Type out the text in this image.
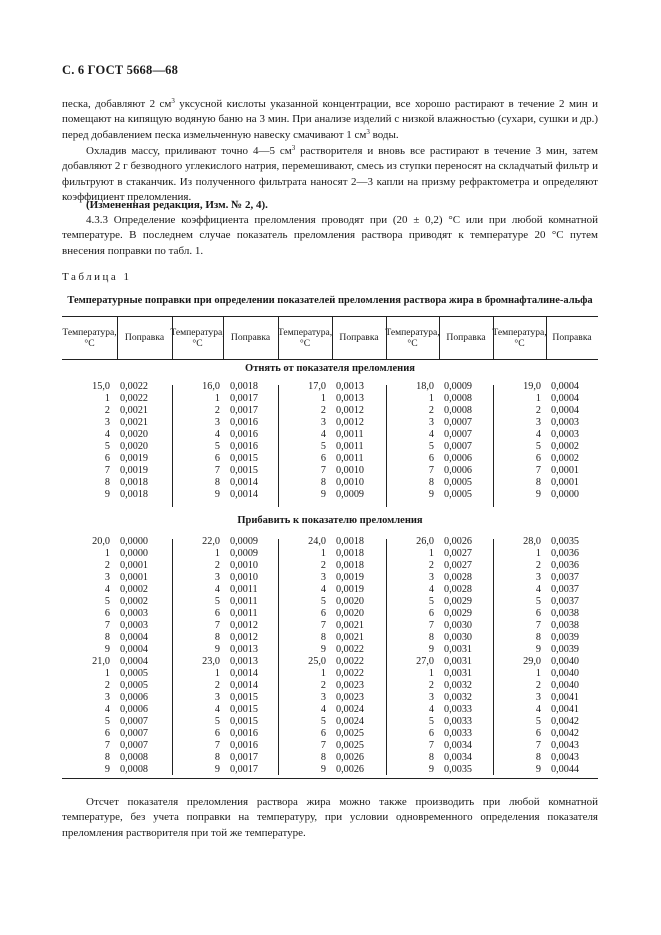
С. 6 ГОСТ 5668—68

песка, добавляют 2 $см^3$ уксусной кислоты указанной концентрации, все хорошо растирают в течение 2 мин и помещают на кипящую водяную баню на 3 мин. При анализе изделий с низкой влажностью (сухари, сушки и др.) перед добавлением песка измельченную навеску смачивают 1 $см^3$ воды.

Охладив массу, приливают точно 4—5 $см^3$ растворителя и вновь все растирают в течение 3 мин, затем добавляют 2 г безводного углекислого натрия, перемешивают, смесь из ступки переносят на складчатый фильтр и фильтруют в стаканчик. Из полученного фильтрата наносят 2—3 капли на призму рефрактометра и определяют коэффициент преломления.

(Измененная редакция, Изм. № 2, 4).

4.3.3 Определение коэффициента преломления проводят при (20 ± 0,2) °С или при любой комнатной температуре. В последнем случае показатель преломления раствора приводят к температуре 20 °С путем внесения поправки по табл. 1.

Таблица 1
Температурные поправки при определении показателей преломления раствора жира в бромнафталине-альфа
Температура, °С
Поправка
Температура, °С
Поправка
Температура, °С
Поправка
Температура, °С
Поправка
Температура, °С
Поправка
Отнять от показателя преломления
Прибавить к показателю преломления
15,0 0,0022
1 0,0022
2 0,0021
3 0,0021
4 0,0020
5 0,0020
6 0,0019
7 0,0019
8 0,0018
9 0,0018
16,0 0,0018
1 0,0017
2 0,0017
3 0,0016
4 0,0016
5 0,0016
6 0,0015
7 0,0015
8 0,0014
9 0,0014
17,0 0,0013
1 0,0013
2 0,0012
3 0,0012
4 0,0011
5 0,0011
6 0,0011
7 0,0010
8 0,0010
9 0,0009
18,0 0,0009
1 0,0008
2 0,0008
3 0,0007
4 0,0007
5 0,0007
6 0,0006
7 0,0006
8 0,0005
9 0,0005
19,0 0,0004
1 0,0004
2 0,0004
3 0,0003
4 0,0003
5 0,0002
6 0,0002
7 0,0001
8 0,0001
9 0,0000
20,0 0,0000
1 0,0000
2 0,0001
3 0,0001
4 0,0002
5 0,0002
6 0,0003
7 0,0003
8 0,0004
9 0,0004
21,0 0,0004
1 0,0005
2 0,0005
3 0,0006
4 0,0006
5 0,0007
6 0,0007
7 0,0007
8 0,0008
9 0,0008
22,0 0,0009
1 0,0009
2 0,0010
3 0,0010
4 0,0011
5 0,0011
6 0,0011
7 0,0012
8 0,0012
9 0,0013
23,0 0,0013
1 0,0014
2 0,0014
3 0,0015
4 0,0015
5 0,0015
6 0,0016
7 0,0016
8 0,0017
9 0,0017
24,0 0,0018
1 0,0018
2 0,0018
3 0,0019
4 0,0019
5 0,0020
6 0,0020
7 0,0021
8 0,0021
9 0,0022
25,0 0,0022
1 0,0022
2 0,0023
3 0,0023
4 0,0024
5 0,0024
6 0,0025
7 0,0025
8 0,0026
9 0,0026
26,0 0,0026
1 0,0027
2 0,0027
3 0,0028
4 0,0028
5 0,0029
6 0,0029
7 0,0030
8 0,0030
9 0,0031
27,0 0,0031
1 0,0031
2 0,0032
3 0,0032
4 0,0033
5 0,0033
6 0,0033
7 0,0034
8 0,0034
9 0,0035
28,0 0,0035
1 0,0036
2 0,0036
3 0,0037
4 0,0037
5 0,0037
6 0,0038
7 0,0038
8 0,0039
9 0,0039
29,0 0,0040
1 0,0040
2 0,0040
3 0,0041
4 0,0041
5 0,0042
6 0,0042
7 0,0043
8 0,0043
9 0,0044

Отсчет показателя преломления раствора жира можно также производить при любой комнатной температуре, без учета поправки на температуру, при условии одновременного определения показателя преломления растворителя при той же температуре.
